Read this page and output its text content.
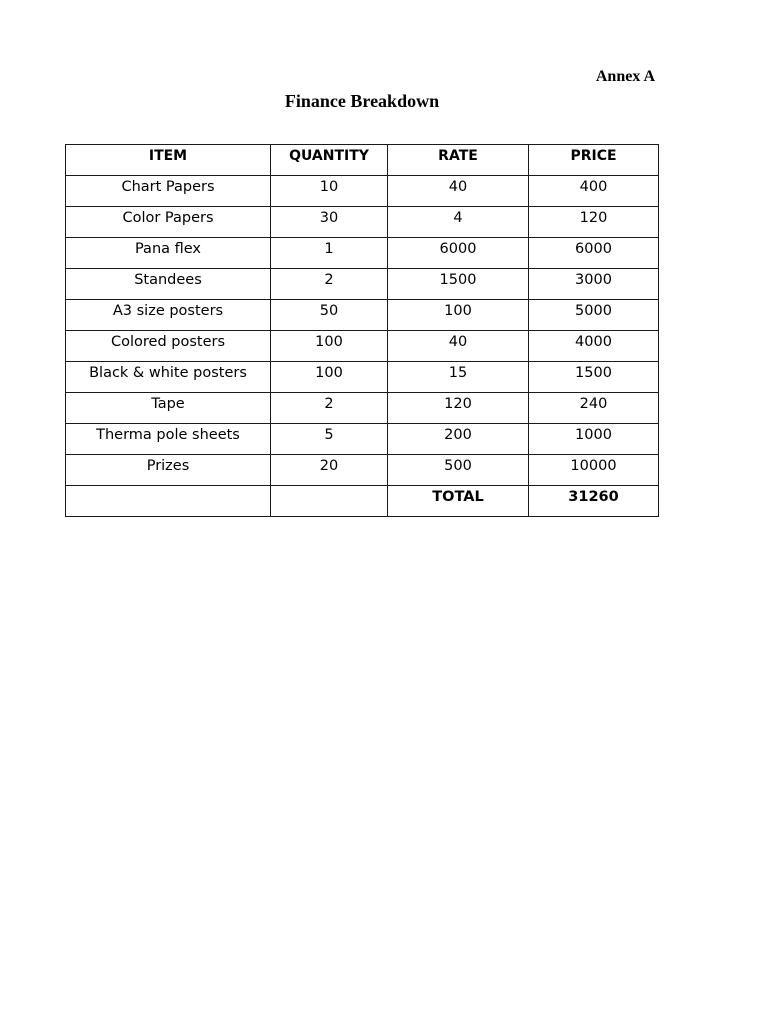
Annex A
Finance Breakdown
ITEM	QUANTITY	RATE	PRICE
Chart Papers	10	40	400
Color Papers	30	4	120
Pana flex	1	6000	6000
Standees	2	1500	3000
A3 size posters	50	100	5000
Colored posters	100	40	4000
Black & white posters	100	15	1500
Tape	2	120	240
Therma pole sheets	5	200	1000
Prizes	20	500	10000
		TOTAL	31260
